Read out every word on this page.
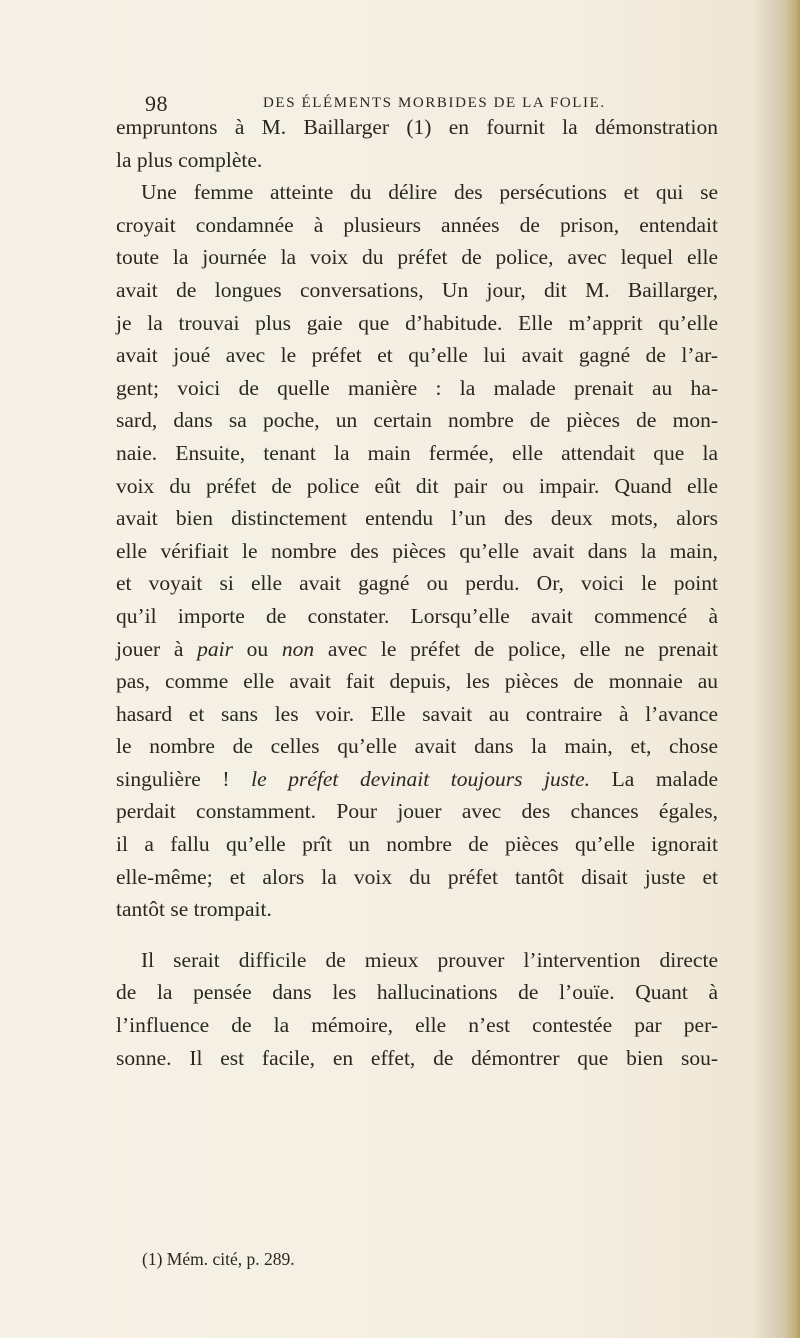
98	DES ÉLÉMENTS MORBIDES DE LA FOLIE.
empruntons à M. Baillarger (1) en fournit la démonstration
la plus complète.
Une femme atteinte du délire des persécutions et qui se
croyait condamnée à plusieurs années de prison, entendait
toute la journée la voix du préfet de police, avec lequel elle
avait de longues conversations, Un jour, dit M. Baillarger,
je la trouvai plus gaie que d’habitude. Elle m’apprit qu’elle
avait joué avec le préfet et qu’elle lui avait gagné de l’ar-
gent; voici de quelle manière : la malade prenait au ha-
sard, dans sa poche, un certain nombre de pièces de mon-
naie. Ensuite, tenant la main fermée, elle attendait que la
voix du préfet de police eût dit pair ou impair. Quand elle
avait bien distinctement entendu l’un des deux mots, alors
elle vérifiait le nombre des pièces qu’elle avait dans la main,
et voyait si elle avait gagné ou perdu. Or, voici le point
qu’il importe de constater. Lorsqu’elle avait commencé à
jouer à pair ou non avec le préfet de police, elle ne prenait
pas, comme elle avait fait depuis, les pièces de monnaie au
hasard et sans les voir. Elle savait au contraire à l’avance
le nombre de celles qu’elle avait dans la main, et, chose
singulière ! le préfet devinait toujours juste. La malade
perdait constamment. Pour jouer avec des chances égales,
il a fallu qu’elle prît un nombre de pièces qu’elle ignorait
elle-même; et alors la voix du préfet tantôt disait juste et
tantôt se trompait.
Il serait difficile de mieux prouver l’intervention directe
de la pensée dans les hallucinations de l’ouïe. Quant à
l’influence de la mémoire, elle n’est contestée par per-
sonne. Il est facile, en effet, de démontrer que bien sou-
(1) Mém. cité, p. 289.
